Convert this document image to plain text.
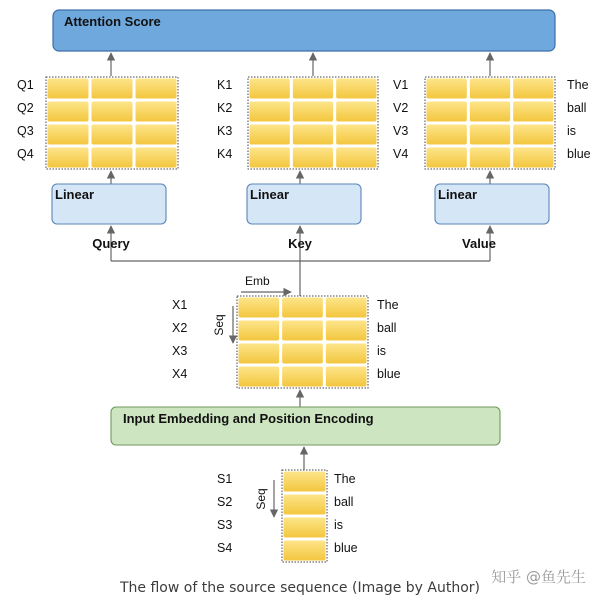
Attention Score
Linear	Linear	Linear
Query	Key	Value
Input Embedding and Position Encoding
Emb
Seq
Seq
Q1
Q2
Q3
Q4
K1
K2
K3
K4
V1
V2
V3
V4
The
ball
is
blue
X1
X2
X3
X4
The
ball
is
blue
S1
S2
S3
S4
The
ball
is
blue
The flow of the source sequence (Image by Author)
知乎 @鱼先生
